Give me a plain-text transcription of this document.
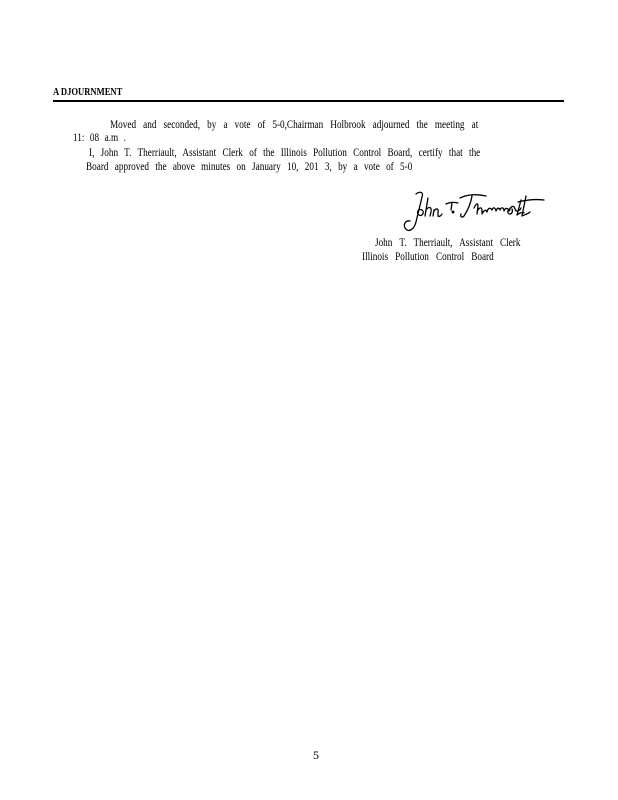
A DJOURNMENT
Moved and seconded, by a vote of 5-0,Chairman Holbrook adjourned the meeting at
11: 08 a.m .
I, John T. Therriault, Assistant Clerk of the Illinois Pollution Control Board, certify that the
Board approved the above minutes on January 10, 201 3, by a vote of 5-0
John T. Therriault, Assistant Clerk
Illinois Pollution Control Board
5
